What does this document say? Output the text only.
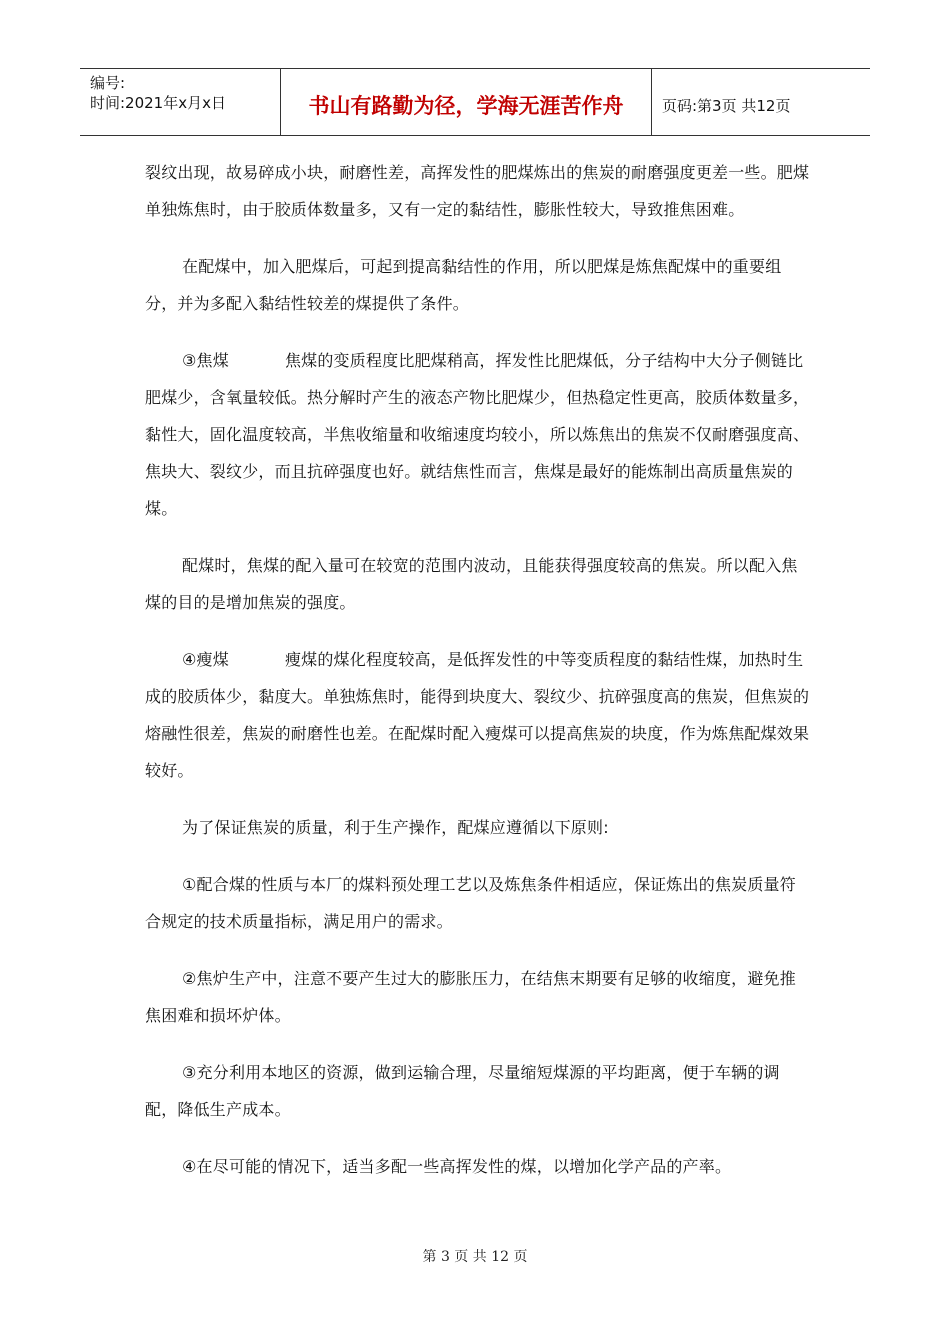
编号:
时间:2021年x月x日	书山有路勤为径，学海无涯苦作舟	页码:第3页 共12页

裂纹出现，故易碎成小块，耐磨性差，高挥发性的肥煤炼出的焦炭的耐磨强度更差一些。肥煤单独炼焦时，由于胶质体数量多，又有一定的黏结性，膨胀性较大，导致推焦困难。

在配煤中，加入肥煤后，可起到提高黏结性的作用，所以肥煤是炼焦配煤中的重要组分，并为多配入黏结性较差的煤提供了条件。

③焦煤	焦煤的变质程度比肥煤稍高，挥发性比肥煤低，分子结构中大分子侧链比肥煤少，含氧量较低。热分解时产生的液态产物比肥煤少，但热稳定性更高，胶质体数量多，黏性大，固化温度较高，半焦收缩量和收缩速度均较小，所以炼焦出的焦炭不仅耐磨强度高、焦块大、裂纹少，而且抗碎强度也好。就结焦性而言，焦煤是最好的能炼制出高质量焦炭的煤。

配煤时，焦煤的配入量可在较宽的范围内波动，且能获得强度较高的焦炭。所以配入焦煤的目的是增加焦炭的强度。

④瘦煤	瘦煤的煤化程度较高，是低挥发性的中等变质程度的黏结性煤，加热时生成的胶质体少，黏度大。单独炼焦时，能得到块度大、裂纹少、抗碎强度高的焦炭，但焦炭的熔融性很差，焦炭的耐磨性也差。在配煤时配入瘦煤可以提高焦炭的块度，作为炼焦配煤效果较好。

为了保证焦炭的质量，利于生产操作，配煤应遵循以下原则:

①配合煤的性质与本厂的煤料预处理工艺以及炼焦条件相适应，保证炼出的焦炭质量符合规定的技术质量指标，满足用户的需求。

②焦炉生产中，注意不要产生过大的膨胀压力，在结焦末期要有足够的收缩度，避免推焦困难和损坏炉体。

③充分利用本地区的资源，做到运输合理，尽量缩短煤源的平均距离，便于车辆的调配，降低生产成本。

④在尽可能的情况下，适当多配一些高挥发性的煤，以增加化学产品的产率。

第 3 页 共 12 页
